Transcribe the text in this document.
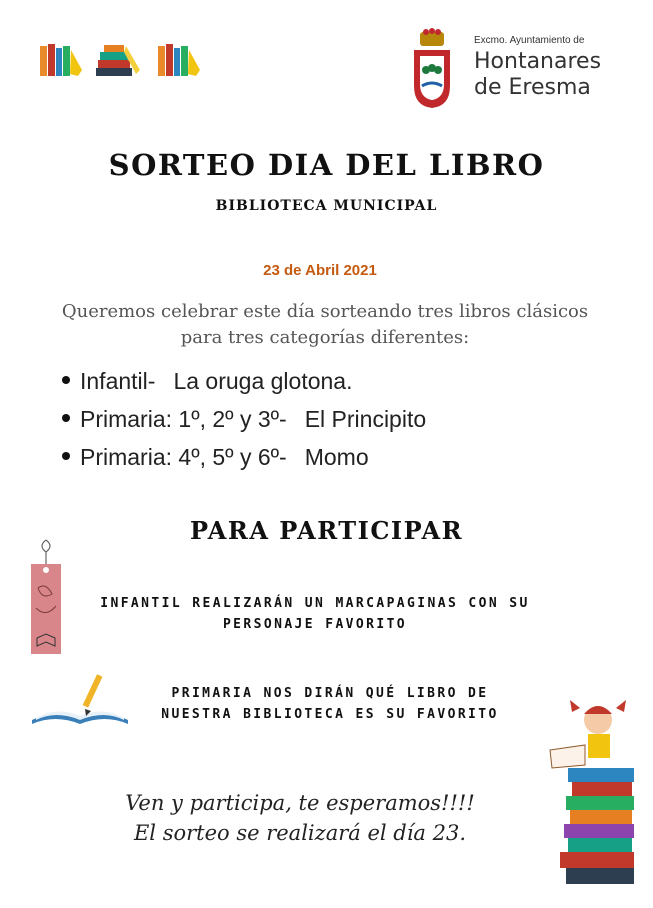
Excmo. Ayuntamiento de
Hontanares
de Eresma
SORTEO DIA DEL LIBRO
BIBLIOTECA MUNICIPAL
23 de Abril 2021
Queremos celebrar este día sorteando tres libros clásicos para tres categorías diferentes:
Infantil- La oruga glotona.
Primaria: 1º, 2º y 3º- El Principito
Primaria: 4º, 5º y 6º- Momo
PARA PARTICIPAR
INFANTIL REALIZARÁN UN MARCAPAGINAS CON SU PERSONAJE FAVORITO
PRIMARIA NOS DIRÁN QUÉ LIBRO DE NUESTRA BIBLIOTECA ES SU FAVORITO
Ven y participa, te esperamos!!!!
El sorteo se realizará el día 23.
